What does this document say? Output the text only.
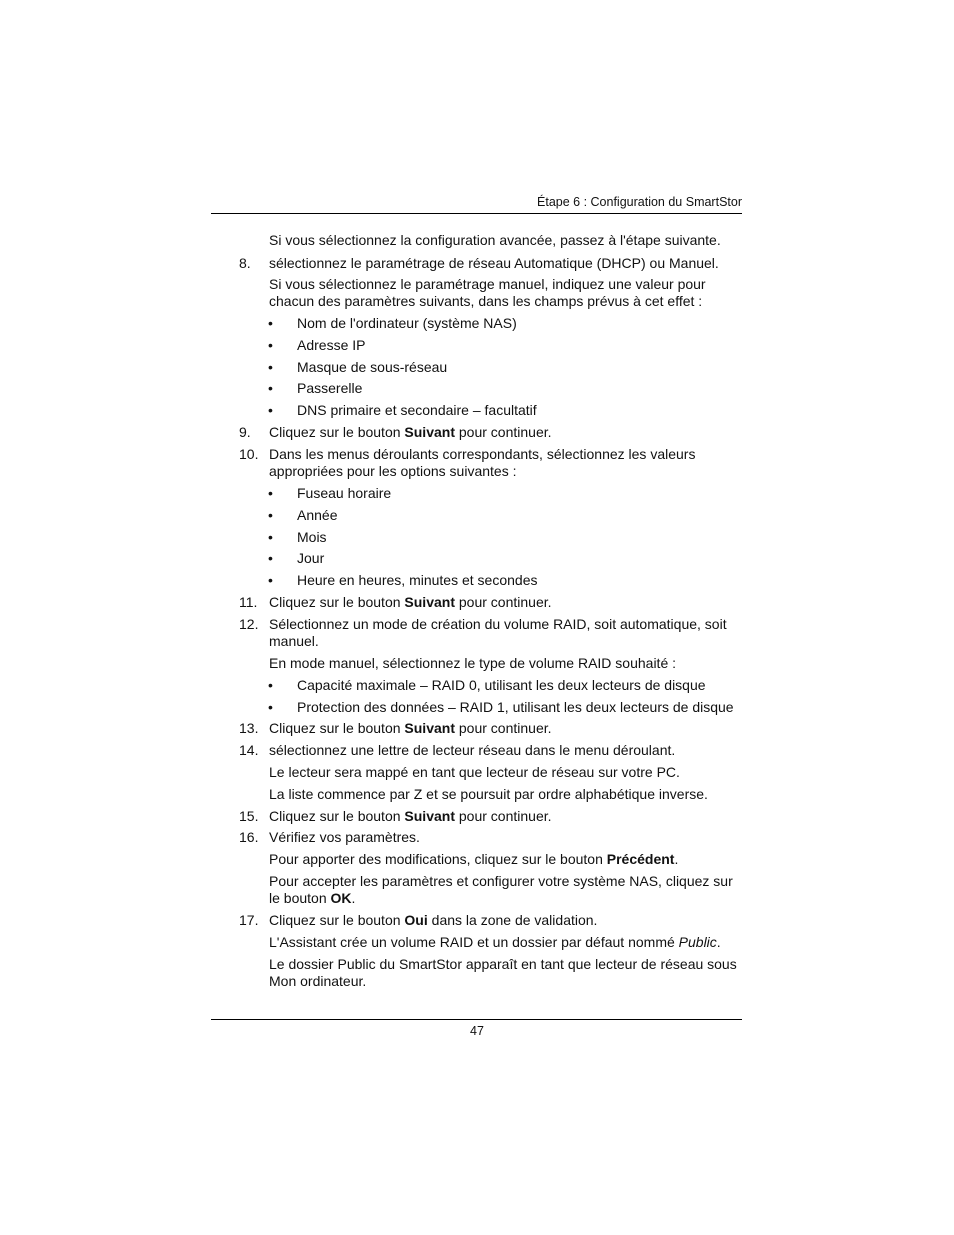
Étape 6 : Configuration du SmartStor
Si vous sélectionnez la configuration avancée, passez à l'étape suivante.
8. sélectionnez le paramétrage de réseau Automatique (DHCP) ou Manuel.
Si vous sélectionnez le paramétrage manuel, indiquez une valeur pour
chacun des paramètres suivants, dans les champs prévus à cet effet :
• Nom de l'ordinateur (système NAS)
• Adresse IP
• Masque de sous-réseau
• Passerelle
• DNS primaire et secondaire – facultatif
9. Cliquez sur le bouton Suivant pour continuer.
10. Dans les menus déroulants correspondants, sélectionnez les valeurs
appropriées pour les options suivantes :
• Fuseau horaire
• Année
• Mois
• Jour
• Heure en heures, minutes et secondes
11. Cliquez sur le bouton Suivant pour continuer.
12. Sélectionnez un mode de création du volume RAID, soit automatique, soit
manuel.
En mode manuel, sélectionnez le type de volume RAID souhaité :
• Capacité maximale – RAID 0, utilisant les deux lecteurs de disque
• Protection des données – RAID 1, utilisant les deux lecteurs de disque
13. Cliquez sur le bouton Suivant pour continuer.
14. sélectionnez une lettre de lecteur réseau dans le menu déroulant.
Le lecteur sera mappé en tant que lecteur de réseau sur votre PC.
La liste commence par Z et se poursuit par ordre alphabétique inverse.
15. Cliquez sur le bouton Suivant pour continuer.
16. Vérifiez vos paramètres.
Pour apporter des modifications, cliquez sur le bouton Précédent.
Pour accepter les paramètres et configurer votre système NAS, cliquez sur
le bouton OK.
17. Cliquez sur le bouton Oui dans la zone de validation.
L'Assistant crée un volume RAID et un dossier par défaut nommé Public.
Le dossier Public du SmartStor apparaît en tant que lecteur de réseau sous
Mon ordinateur.
47
